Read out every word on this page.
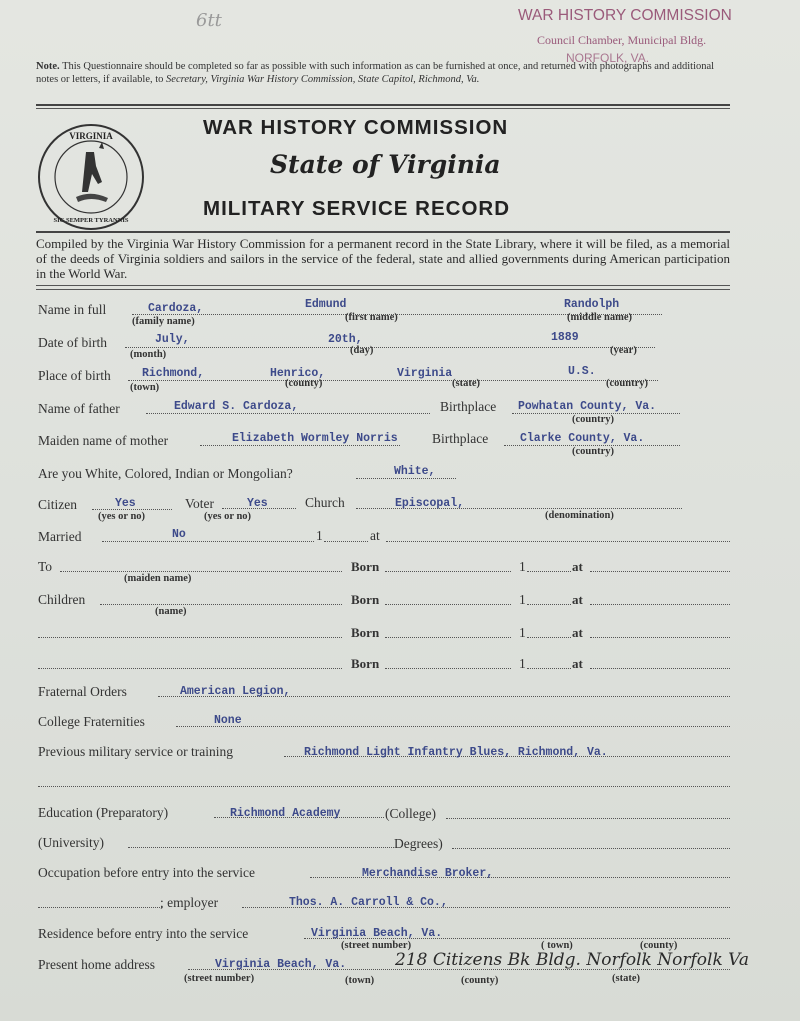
6tt	WAR HISTORY COMMISSION
Council Chamber, Municipal Bldg.
NORFOLK, VA.
Note. This Questionnaire should be completed so far as possible with such information as can be furnished at once, and returned with photographs and additional notes or letters, if available, to Secretary, Virginia War History Commission, State Capitol, Richmond, Va.
VIRGINIA
SIC SEMPER TYRANNIS
WAR HISTORY COMMISSION
State of Virginia
MILITARY SERVICE RECORD
Compiled by the Virginia War History Commission for a permanent record in the State Library, where it will be filed, as a memorial of the deeds of Virginia soldiers and sailors in the service of the federal, state and allied governments during American participation in the World War.
Name in full	Cardoza,	Edmund	Randolph
(family name)	(first name)	(middle name)
Date of birth	July,	20th,	1889
(month)	(day)	(year)
Place of birth	Richmond,	Henrico,	Virginia	U.S.
(town)	(county)	(state)	(country)
Name of father	Edward S. Cardoza,	Birthplace Powhatan County, Va.
(country)
Maiden name of mother	Elizabeth Wormley Norris	Birthplace	Clarke County, Va.
(country)
Are you White, Colored, Indian or Mongolian?	White,
Citizen	Yes
(yes or no)
Voter	Yes
(yes or no)
Church	Episcopal,
(denomination)
Married	No	1	at
To
(maiden name)
Born	1	at
Children
(name)
Born	1	at
Born	1	at
Born	1	at
Fraternal Orders	American Legion,
College Fraternities	None
Previous military service or training	Richmond Light Infantry Blues, Richmond, Va.
Education (Preparatory)	Richmond Academy	(College)
(University)	Degrees)
Occupation before entry into the service	Merchandise Broker,
; employer	Thos. A. Carroll & Co.,
Residence before entry into the service	Virginia Beach, Va.
(street number)	( town)	(county)
Present home address	Virginia Beach, Va.	218 Citizens Bk Bldg. Norfolk Norfolk Va
(street number)	(town)	(county)	(state)
